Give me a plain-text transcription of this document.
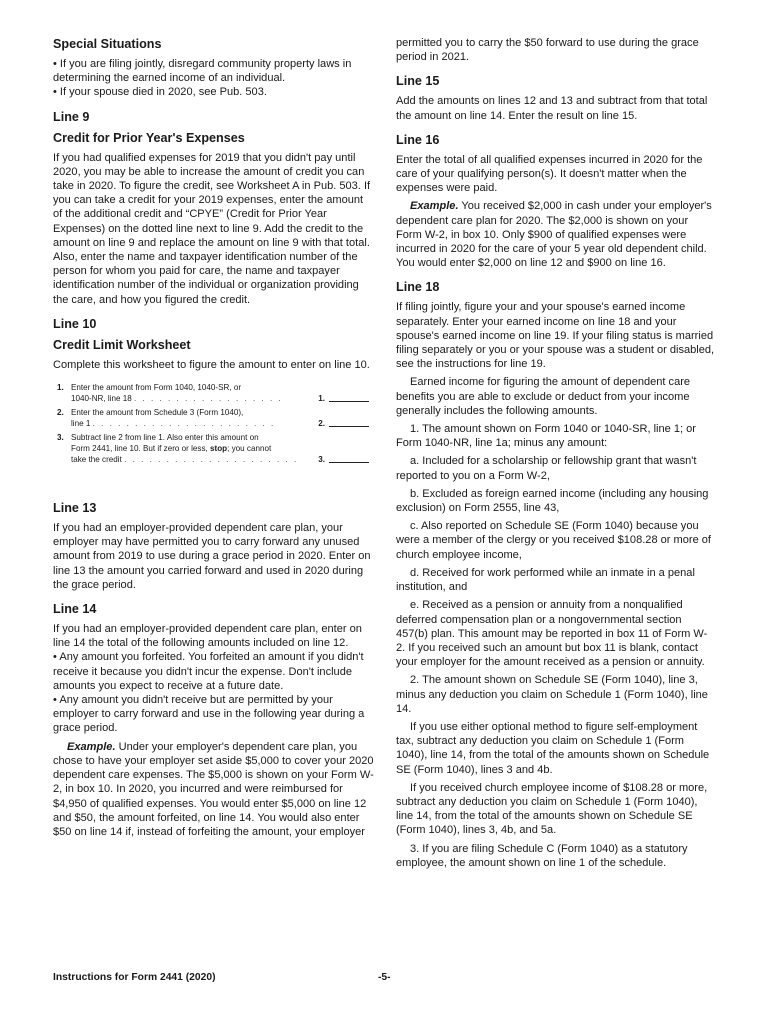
Special Situations

• If you are filing jointly, disregard community property laws in determining the earned income of an individual.

• If your spouse died in 2020, see Pub. 503.

Line 9
Credit for Prior Year's Expenses

If you had qualified expenses for 2019 that you didn't pay until 2020, you may be able to increase the amount of credit you can take in 2020. To figure the credit, see Worksheet A in Pub. 503. If you can take a credit for your 2019 expenses, enter the amount of the additional credit and “CPYE” (Credit for Prior Year Expenses) on the dotted line next to line 9. Add the credit to the amount on line 9 and replace the amount on line 9 with that total. Also, enter the name and taxpayer identification number of the person for whom you paid for care, the name and taxpayer identification number of the individual or organization providing the care, and how you figured the credit.

Line 10
Credit Limit Worksheet

Complete this worksheet to figure the amount to enter on line 10.

1. Enter the amount from Form 1040, 1040-SR, or
1040-NR, line 18 . . . . . . . . . . . . . . . . . .	1.
2. Enter the amount from Schedule 3 (Form 1040),
line 1 . . . . . . . . . . . . . . . . . . . . . .	2.
3. Subtract line 2 from line 1. Also enter this amount on
Form 2441, line 10. But if zero or less, stop; you cannot
take the credit . . . . . . . . . . . . . . . . . . . . .	3.
Line 13

If you had an employer-provided dependent care plan, your employer may have permitted you to carry forward any unused amount from 2019 to use during a grace period in 2020. Enter on line 13 the amount you carried forward and used in 2020 during the grace period.

Line 14

If you had an employer-provided dependent care plan, enter on line 14 the total of the following amounts included on line 12.

• Any amount you forfeited. You forfeited an amount if you didn't receive it because you didn't incur the expense. Don't include amounts you expect to receive at a future date.

• Any amount you didn't receive but are permitted by your employer to carry forward and use in the following year during a grace period.

Example. Under your employer's dependent care plan, you chose to have your employer set aside $5,000 to cover your 2020 dependent care expenses. The $5,000 is shown on your Form W-2, in box 10. In 2020, you incurred and were reimbursed for $4,950 of qualified expenses. You would enter $5,000 on line 12 and $50, the amount forfeited, on line 14. You would also enter $50 on line 14 if, instead of forfeiting the amount, your employer

permitted you to carry the $50 forward to use during the grace period in 2021.

Line 15

Add the amounts on lines 12 and 13 and subtract from that total the amount on line 14. Enter the result on line 15.

Line 16

Enter the total of all qualified expenses incurred in 2020 for the care of your qualifying person(s). It doesn't matter when the expenses were paid.

Example. You received $2,000 in cash under your employer's dependent care plan for 2020. The $2,000 is shown on your Form W-2, in box 10. Only $900 of qualified expenses were incurred in 2020 for the care of your 5 year old dependent child. You would enter $2,000 on line 12 and $900 on line 16.

Line 18

If filing jointly, figure your and your spouse's earned income separately. Enter your earned income on line 18 and your spouse's earned income on line 19. If your filing status is married filing separately or you or your spouse was a student or disabled, see the instructions for line 19.

Earned income for figuring the amount of dependent care benefits you are able to exclude or deduct from your income generally includes the following amounts.

1. The amount shown on Form 1040 or 1040-SR, line 1; or Form 1040-NR, line 1a; minus any amount:

a. Included for a scholarship or fellowship grant that wasn't reported to you on a Form W-2,

b. Excluded as foreign earned income (including any housing exclusion) on Form 2555, line 43,

c. Also reported on Schedule SE (Form 1040) because you were a member of the clergy or you received $108.28 or more of church employee income,

d. Received for work performed while an inmate in a penal institution, and

e. Received as a pension or annuity from a nonqualified deferred compensation plan or a nongovernmental section 457(b) plan. This amount may be reported in box 11 of Form W-2. If you received such an amount but box 11 is blank, contact your employer for the amount received as a pension or annuity.

2. The amount shown on Schedule SE (Form 1040), line 3, minus any deduction you claim on Schedule 1 (Form 1040), line 14.

If you use either optional method to figure self-employment tax, subtract any deduction you claim on Schedule 1 (Form 1040), line 14, from the total of the amounts shown on Schedule SE (Form 1040), lines 3 and 4b.

If you received church employee income of $108.28 or more, subtract any deduction you claim on Schedule 1 (Form 1040), line 14, from the total of the amounts shown on Schedule SE (Form 1040), lines 3, 4b, and 5a.

3. If you are filing Schedule C (Form 1040) as a statutory employee, the amount shown on line 1 of the schedule.

Instructions for Form 2441 (2020)	-5-
